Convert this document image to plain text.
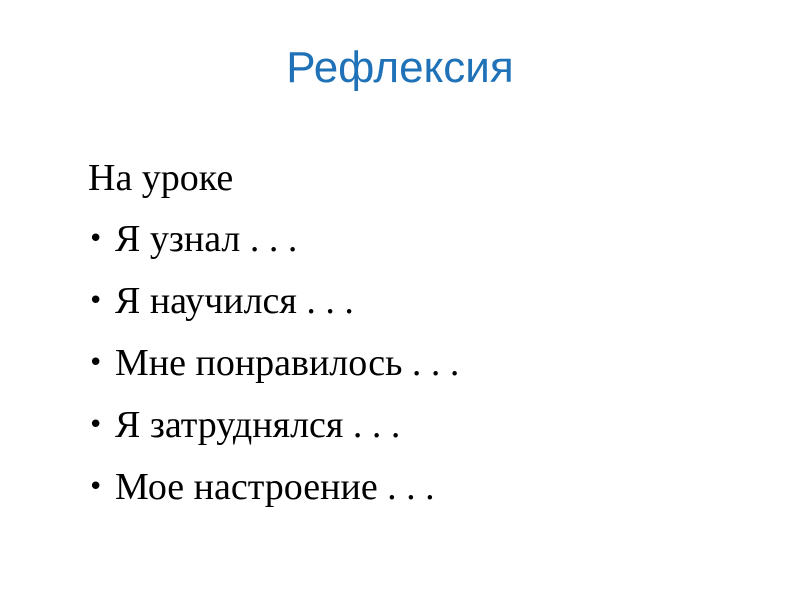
Рефлексия
На уроке
• Я узнал . . .
• Я научился . . .
• Мне понравилось . . .
• Я затруднялся . . .
• Мое настроение . . .
